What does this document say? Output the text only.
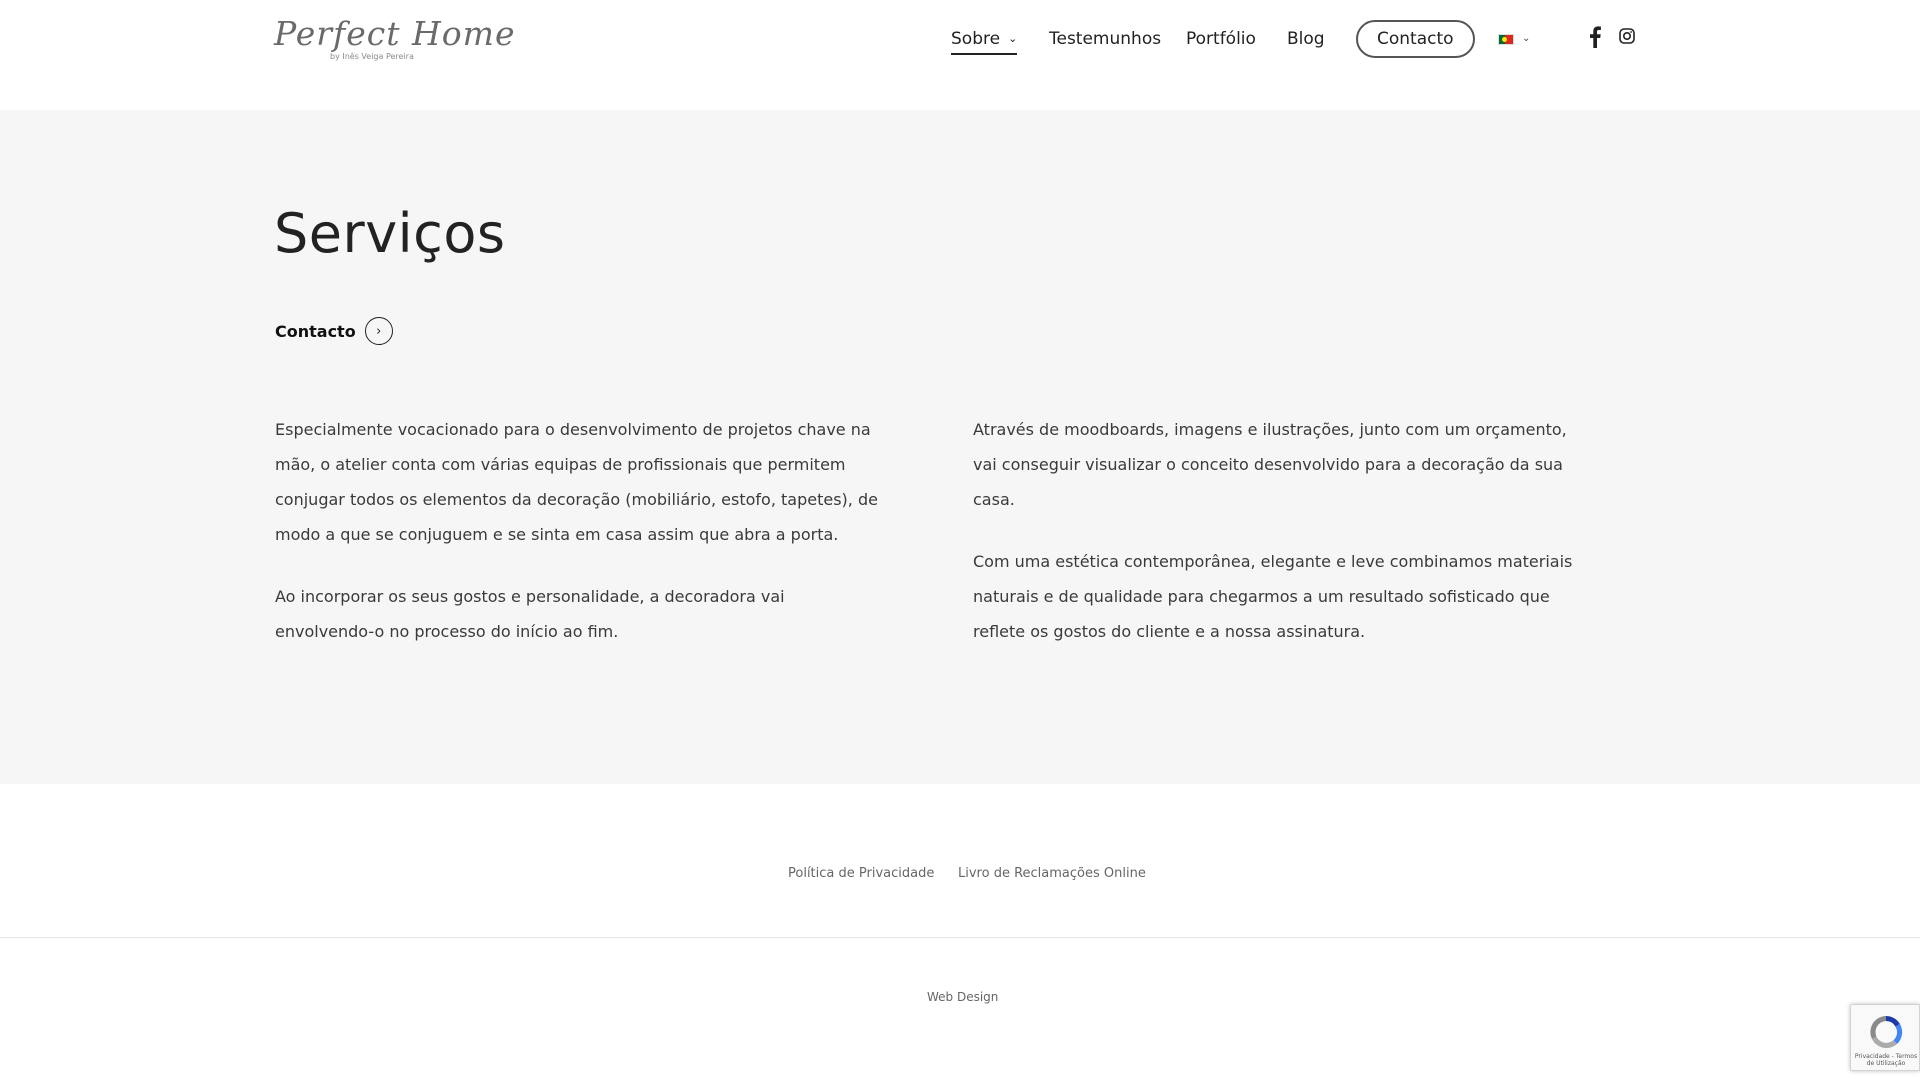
Perfect Home
by Inês Veiga Pereira
Sobre ⌄ Testemunhos Portfólio Blog	Contacto	⌄
Serviços
Contacto	›

Especialmente vocacionado para o desenvolvimento de projetos chave na mão, o atelier conta com várias equipas de profissionais que permitem conjugar todos os elementos da decoração (mobiliário, estofo, tapetes), de modo a que se conjuguem e se sinta em casa assim que abra a porta.

Ao incorporar os seus gostos e personalidade, a decoradora vai envolvendo-o no processo do início ao fim.

Através de moodboards, imagens e ilustrações, junto com um orçamento, vai conseguir visualizar o conceito desenvolvido para a decoração da sua casa.

Com uma estética contemporânea, elegante e leve combinamos materiais naturais e de qualidade para chegarmos a um resultado sofisticado que reflete os gostos do cliente e a nossa assinatura.

Política de Privacidade Livro de Reclamações Online
Web Design
Privacidade - Termos de Utilização
